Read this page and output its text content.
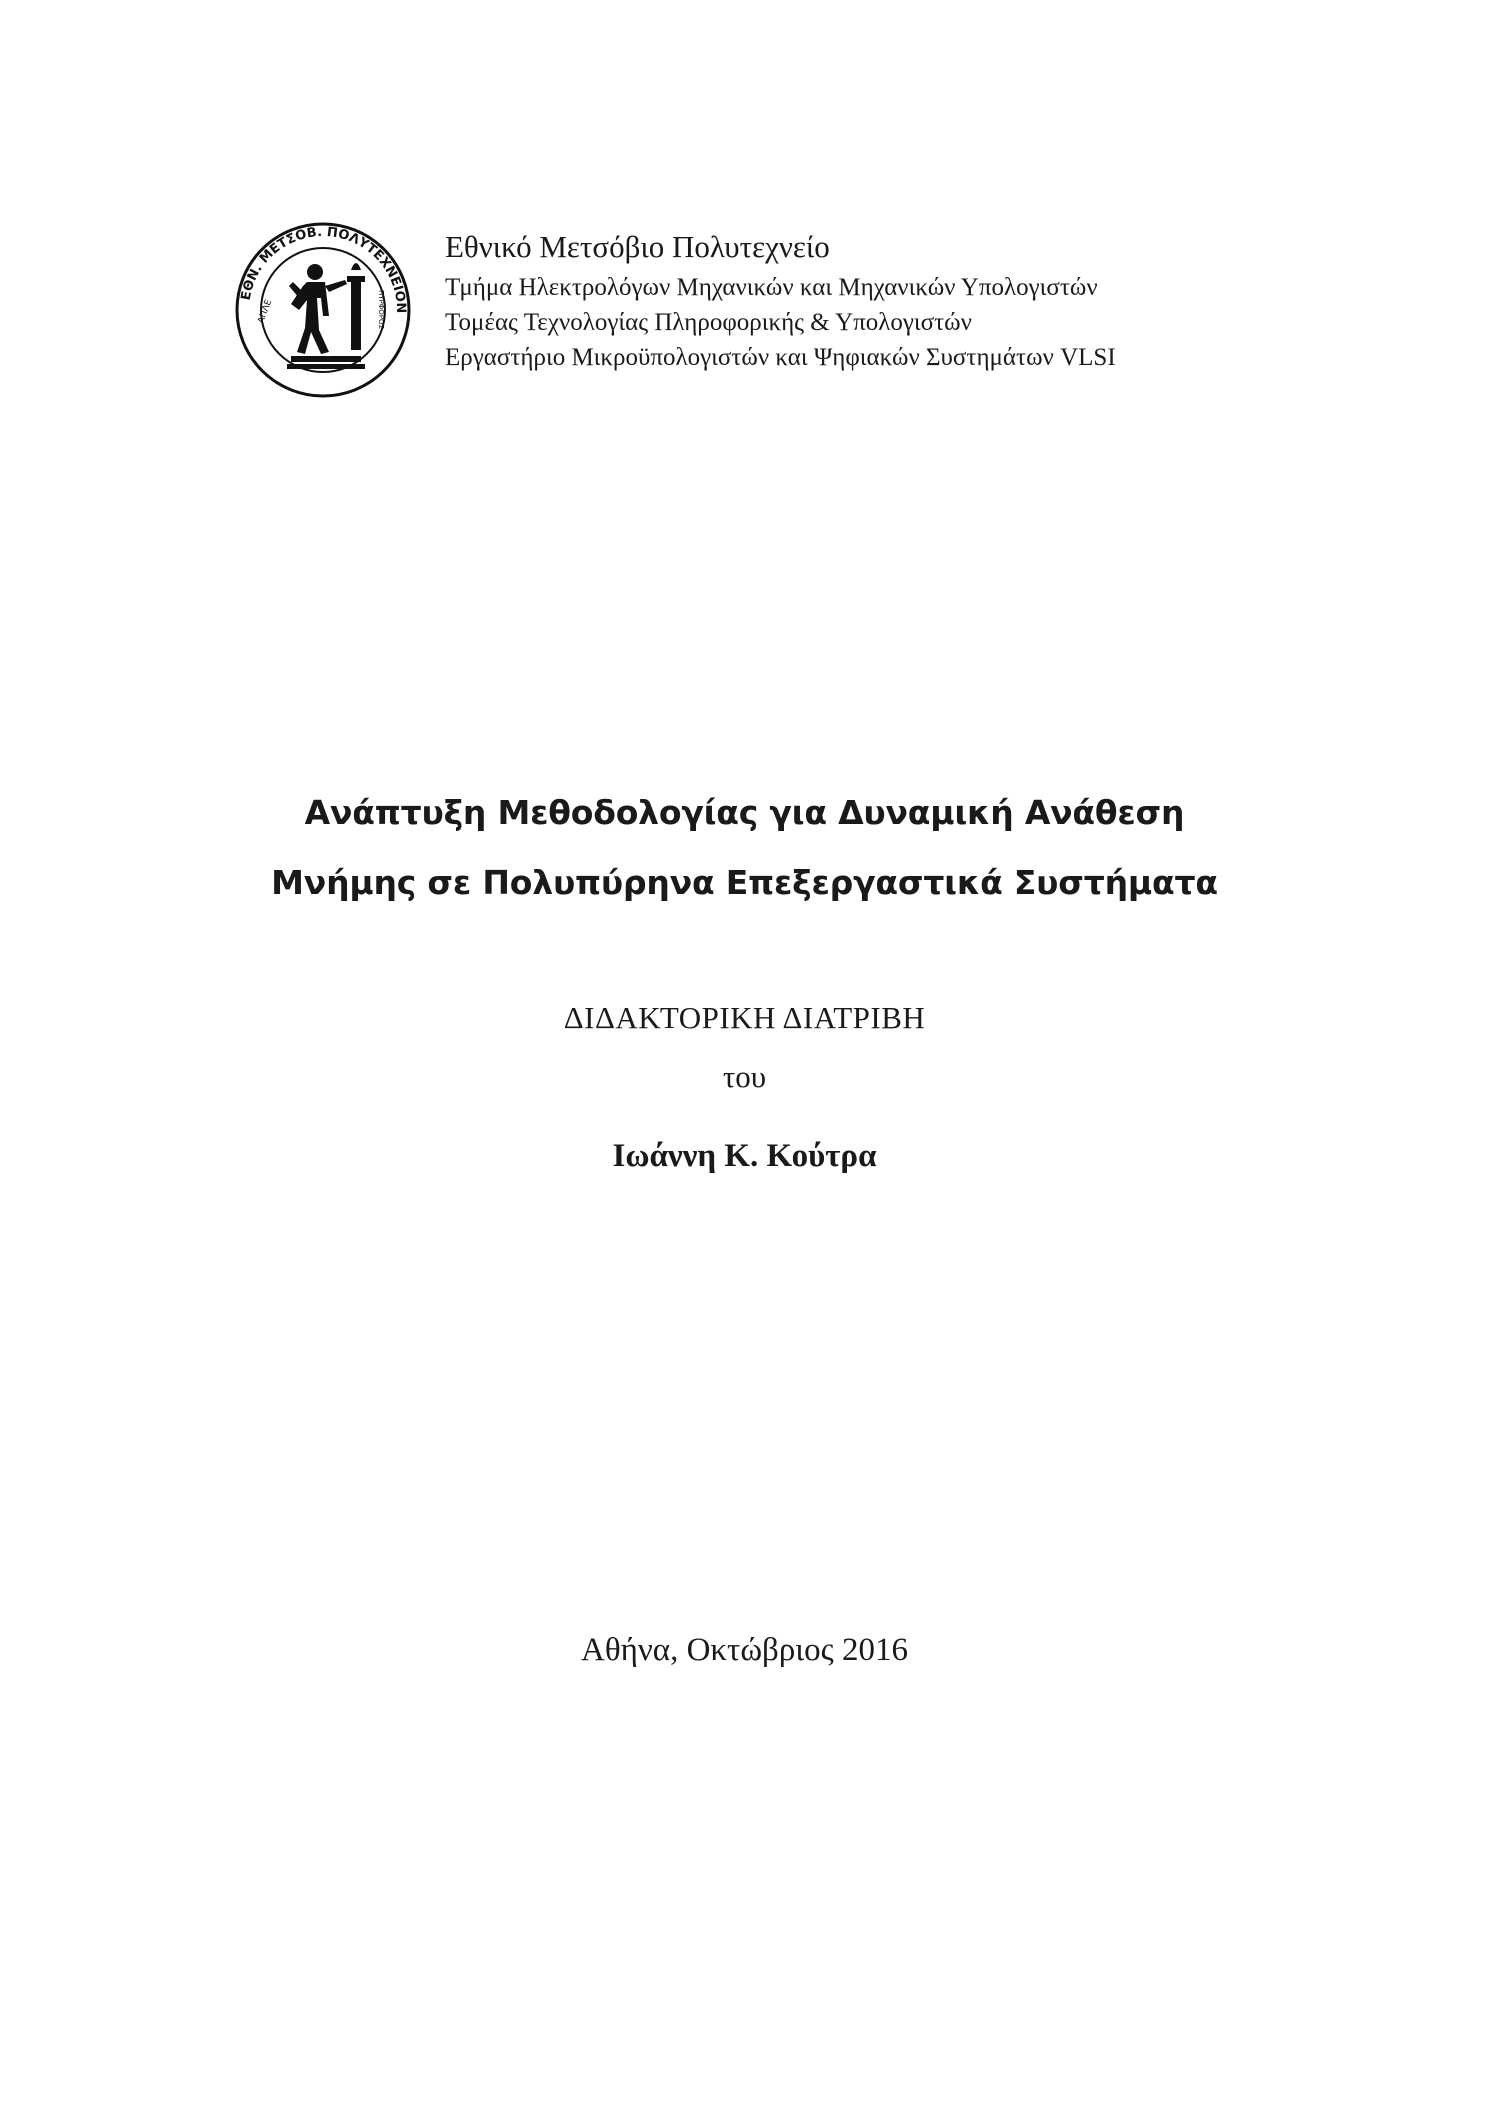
ΕΘΝ. ΜΕΤΣΟΒ. ΠΟΛΥΤΕΧΝΕΙΟΝ
ΑΠΛΕ	ΠΥΡΦΟΡΟΣ
Εθνικό Μετσόβιο Πολυτεχνείο
Τμήμα Ηλεκτρολόγων Μηχανικών και Μηχανικών Υπολογιστών
Τομέας Τεχνολογίας Πληροφορικής & Υπολογιστών
Εργαστήριο Μικροϋπολογιστών και Ψηφιακών Συστημάτων VLSI
Ανάπτυξη Μεθοδολογίας για Δυναμική Ανάθεση
Μνήμης σε Πολυπύρηνα Επεξεργαστικά Συστήματα
ΔΙΔΑΚΤΟΡΙΚΗ ΔΙΑΤΡΙΒΗ
του
Ιωάννη Κ. Κούτρα
Αθήνα, Οκτώβριος 2016
